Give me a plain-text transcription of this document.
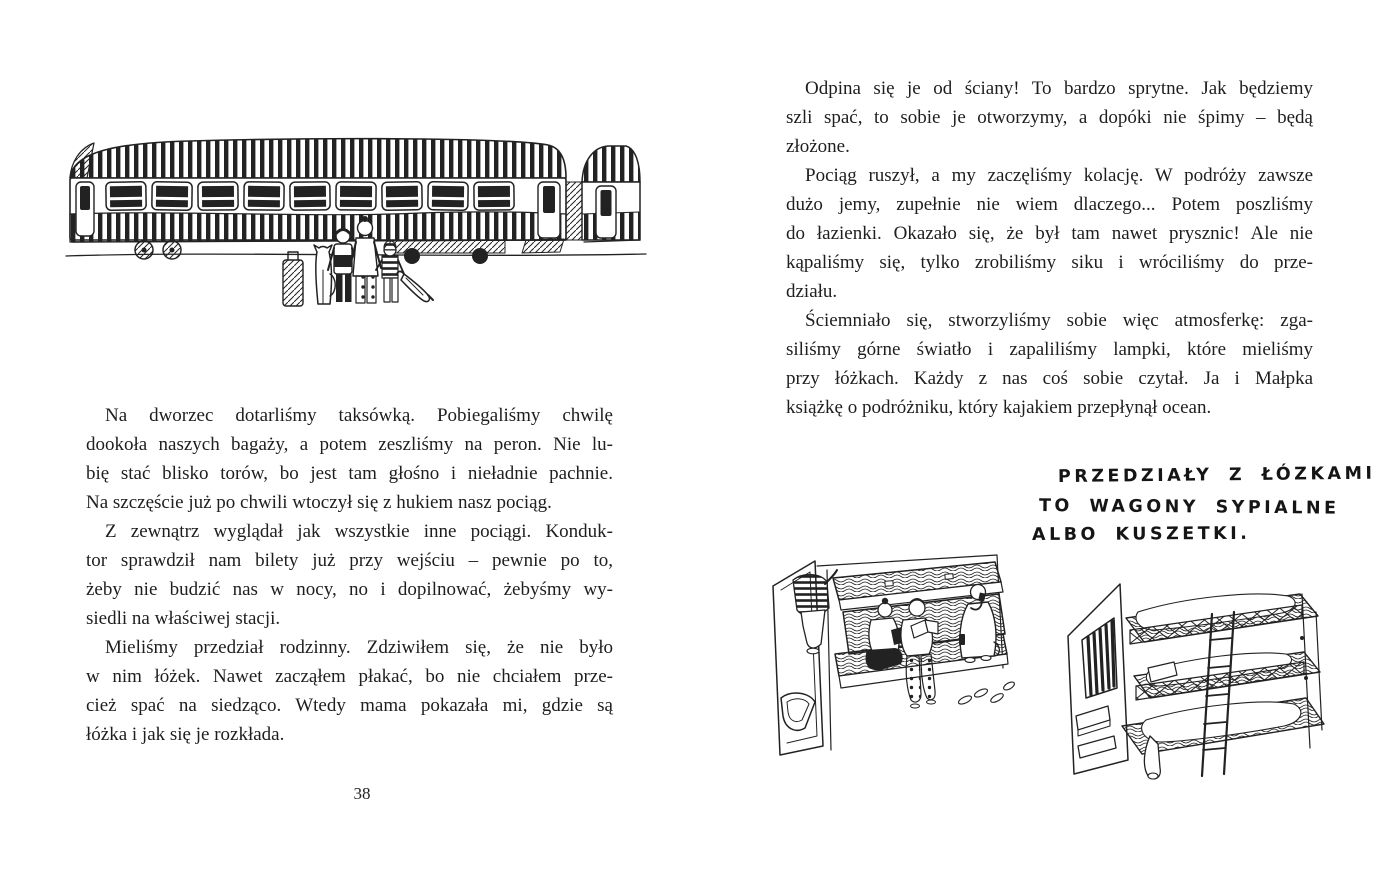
Na dworzec dotarliśmy taksówką. Pobiegaliśmy chwilę
dookoła naszych bagaży, a potem zeszliśmy na peron. Nie lu-
bię stać blisko torów, bo jest tam głośno i nieładnie pachnie.
Na szczęście już po chwili wtoczył się z hukiem nasz pociąg.
Z zewnątrz wyglądał jak wszystkie inne pociągi. Konduk-
tor sprawdził nam bilety już przy wejściu – pewnie po to,
żeby nie budzić nas w nocy, no i dopilnować, żebyśmy wy-
siedli na właściwej stacji.
Mieliśmy przedział rodzinny. Zdziwiłem się, że nie było
w nim łóżek. Nawet zacząłem płakać, bo nie chciałem prze-
cież spać na siedząco. Wtedy mama pokazała mi, gdzie są
łóżka i jak się je rozkłada.
38
Odpina się je od ściany! To bardzo sprytne. Jak będziemy
szli spać, to sobie je otworzymy, a dopóki nie śpimy – będą
złożone.
Pociąg ruszył, a my zaczęliśmy kolację. W podróży zawsze
dużo jemy, zupełnie nie wiem dlaczego... Potem poszliśmy
do łazienki. Okazało się, że był tam nawet prysznic! Ale nie
kąpaliśmy się, tylko zrobiliśmy siku i wróciliśmy do prze-
działu.
Ściemniało się, stworzyliśmy sobie więc atmosferkę: zga-
siliśmy górne światło i zapaliliśmy lampki, które mieliśmy
przy łóżkach. Każdy z nas coś sobie czytał. Ja i Małpka
książkę o podróżniku, który kajakiem przepłynął ocean.
PRZEDZIAŁY Z ŁÓZKAMI
TO WAGONY SYPIALNE
ALBO KUSZETKI.
